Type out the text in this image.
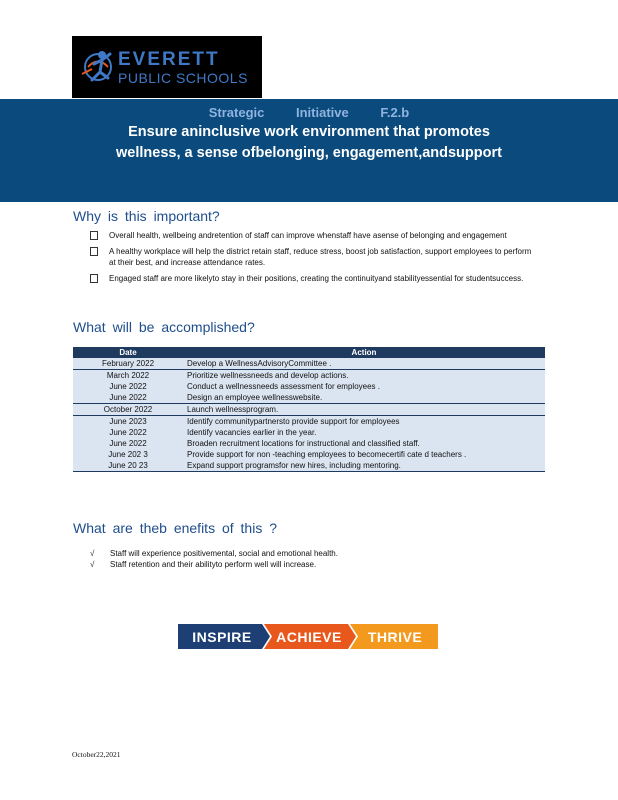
EVERETT
PUBLIC SCHOOLS
Strategic Initiative F.2.b
Ensure aninclusive work environment that promotes wellness, a sense ofbelonging, engagement,andsupport
Why is this important?
Overall health, wellbeing andretention of staff can improve whenstaff have asense of belonging and engagement
A healthy workplace will help the district retain staff, reduce stress, boost job satisfaction, support employees to perform at their best, and increase attendance rates.
Engaged staff are more likelyto stay in their positions, creating the continuityand stabilityessential for studentsuccess.
What will be accomplished?
Date	Action
February 2022	Develop a WellnessAdvisoryCommittee .
March 2022	Prioritize wellnessneeds and develop actions.
June 2022	Conduct a wellnessneeds assessment for employees .
June 2022	Design an employee wellnesswebsite.
October 2022	Launch wellnessprogram.
June 2023	Identify communitypartnersto provide support for employees
June 2022	Identify vacancies earlier in the year.
June 2022	Broaden recruitment locations for instructional and classified staff.
June 202 3	Provide support for non -teaching employees to becomecertifi cate d teachers .
June 20 23	Expand support programsfor new hires, including mentoring.
What are theb enefits of this ?
√ Staff will experience positivemental, social and emotional health.
√ Staff retention and their abilityto perform well will increase.
INSPIRE	ACHIEVE	THRIVE
October22,2021
